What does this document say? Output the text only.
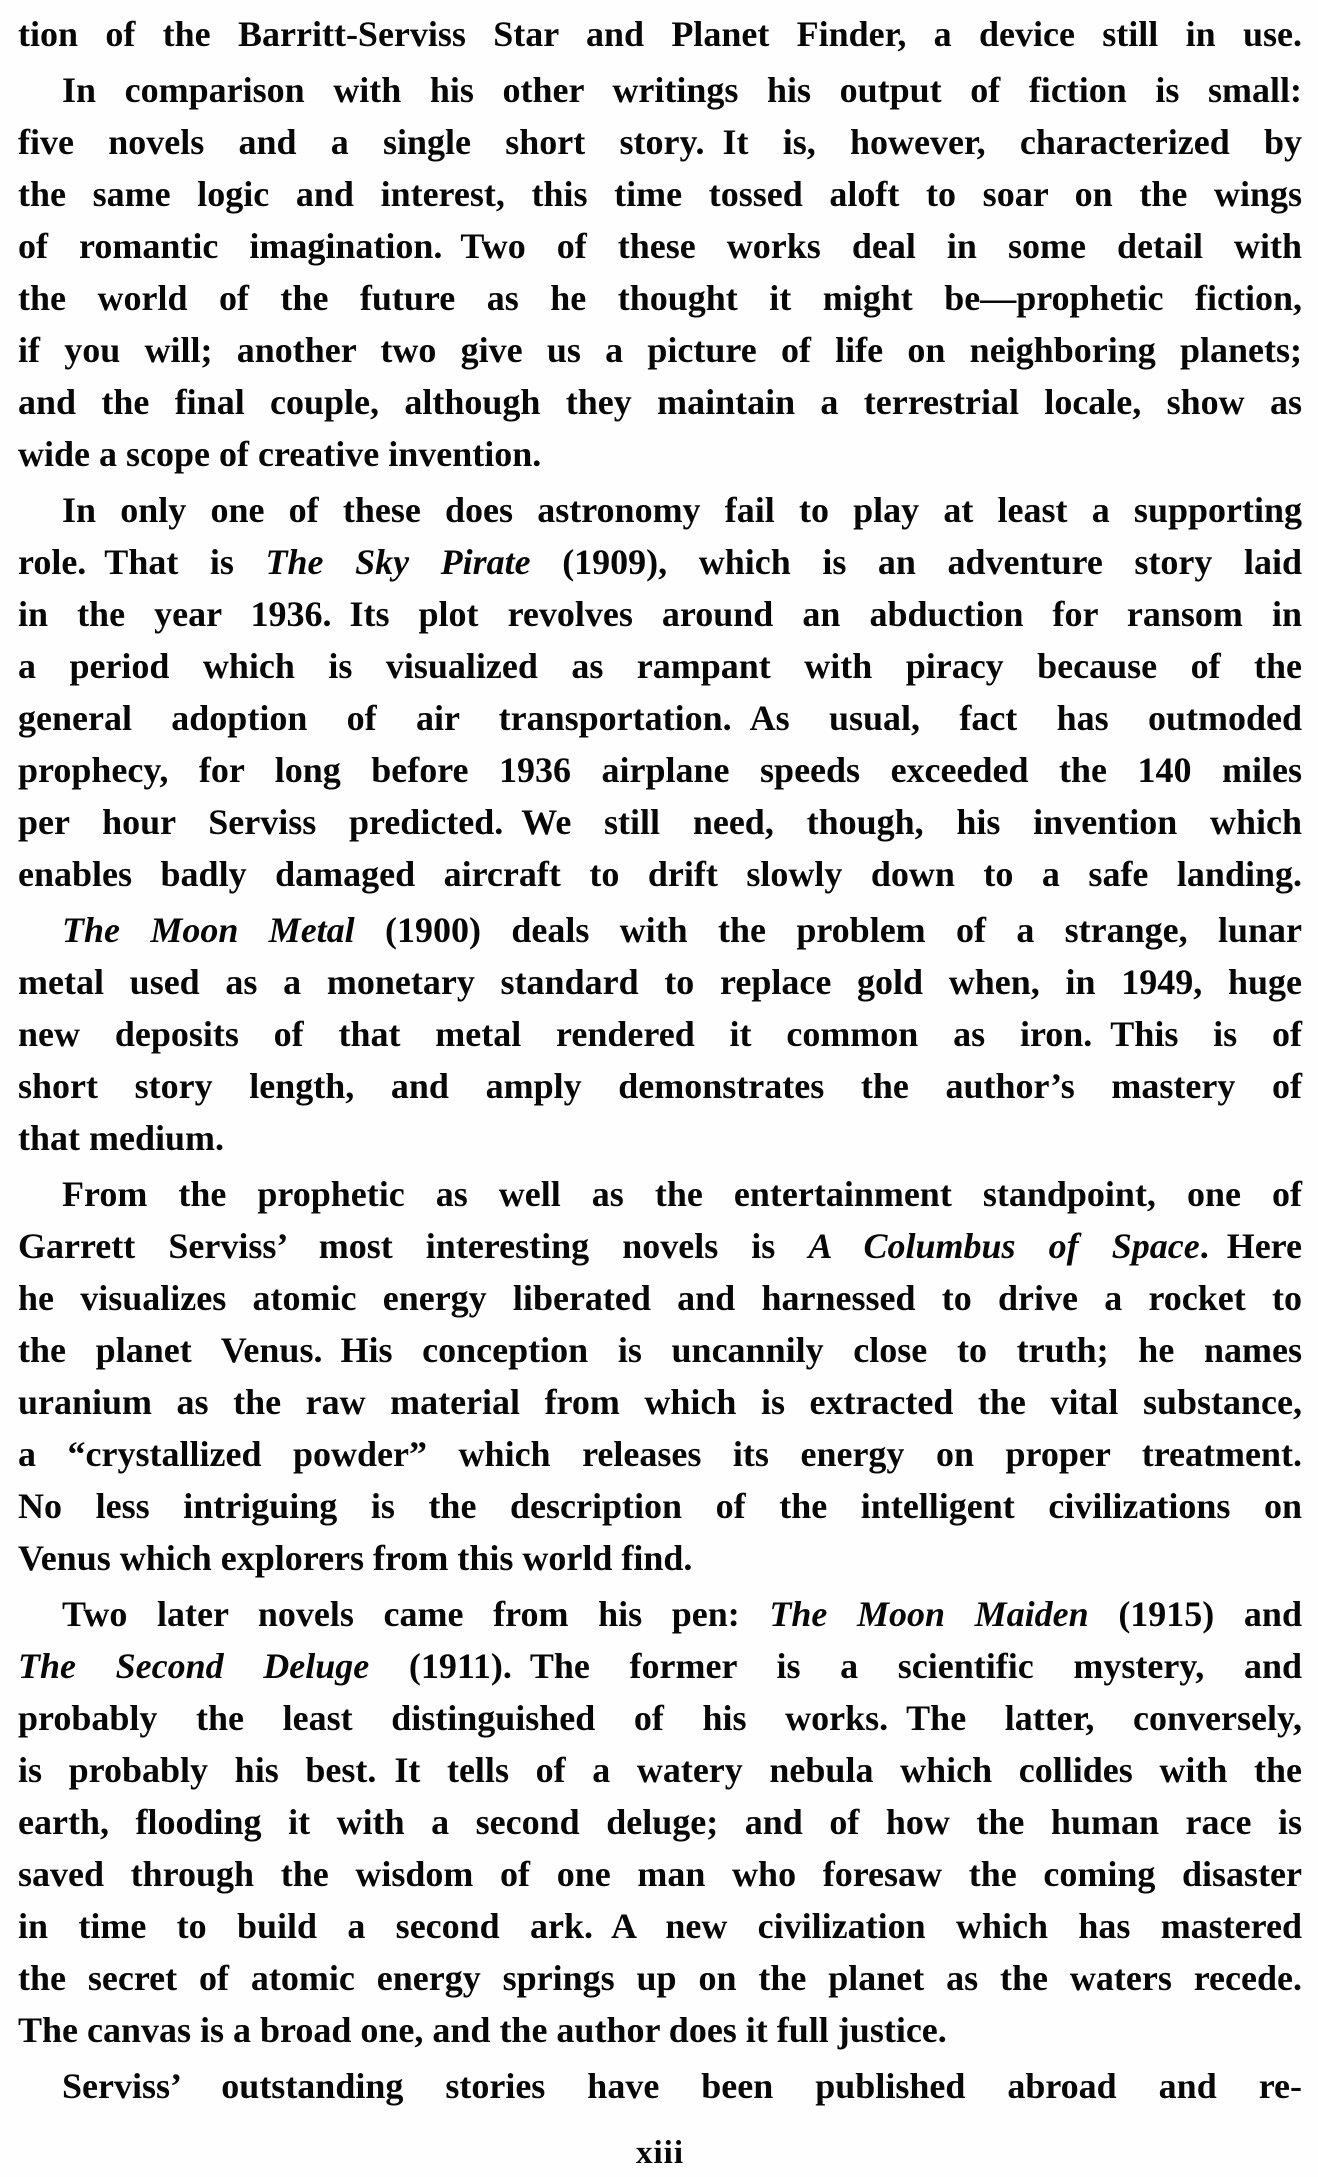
tion of the Barritt-Serviss Star and Planet Finder, a device still in use.
In comparison with his other writings his output of fiction is small:
five novels and a single short story. It is, however, characterized by
the same logic and interest, this time tossed aloft to soar on the wings
of romantic imagination. Two of these works deal in some detail with
the world of the future as he thought it might be—prophetic fiction,
if you will; another two give us a picture of life on neighboring planets;
and the final couple, although they maintain a terrestrial locale, show as
wide a scope of creative invention.
In only one of these does astronomy fail to play at least a supporting
role. That is The Sky Pirate (1909), which is an adventure story laid
in the year 1936. Its plot revolves around an abduction for ransom in
a period which is visualized as rampant with piracy because of the
general adoption of air transportation. As usual, fact has outmoded
prophecy, for long before 1936 airplane speeds exceeded the 140 miles
per hour Serviss predicted. We still need, though, his invention which
enables badly damaged aircraft to drift slowly down to a safe landing.
The Moon Metal (1900) deals with the problem of a strange, lunar
metal used as a monetary standard to replace gold when, in 1949, huge
new deposits of that metal rendered it common as iron. This is of
short story length, and amply demonstrates the author’s mastery of
that medium.
From the prophetic as well as the entertainment standpoint, one of
Garrett Serviss’ most interesting novels is A Columbus of Space. Here
he visualizes atomic energy liberated and harnessed to drive a rocket to
the planet Venus. His conception is uncannily close to truth; he names
uranium as the raw material from which is extracted the vital substance,
a “crystallized powder” which releases its energy on proper treatment.
No less intriguing is the description of the intelligent civilizations on
Venus which explorers from this world find.
Two later novels came from his pen: The Moon Maiden (1915) and
The Second Deluge (1911). The former is a scientific mystery, and
probably the least distinguished of his works. The latter, conversely,
is probably his best. It tells of a watery nebula which collides with the
earth, flooding it with a second deluge; and of how the human race is
saved through the wisdom of one man who foresaw the coming disaster
in time to build a second ark. A new civilization which has mastered
the secret of atomic energy springs up on the planet as the waters recede.
The canvas is a broad one, and the author does it full justice.
Serviss’ outstanding stories have been published abroad and re-
xiii
